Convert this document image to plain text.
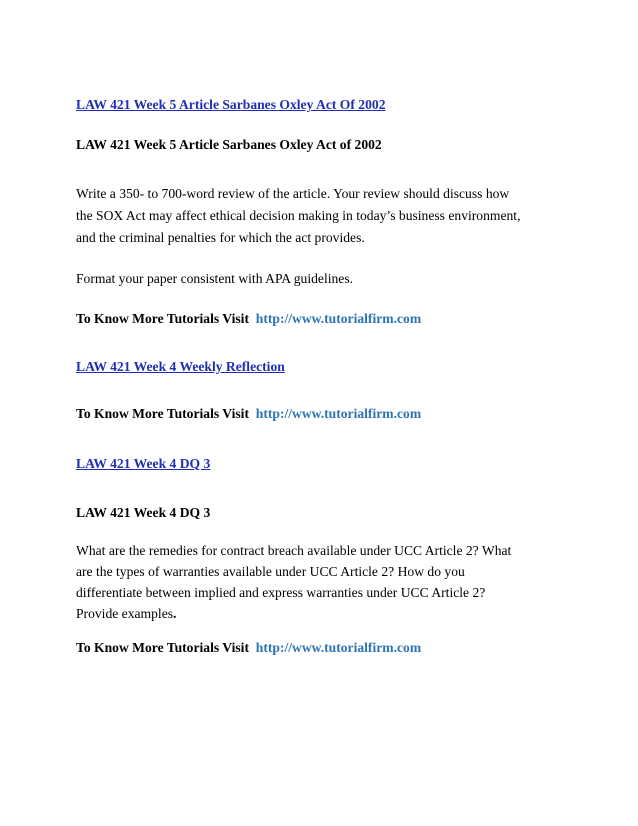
LAW 421 Week 5 Article Sarbanes Oxley Act Of 2002
LAW 421 Week 5 Article Sarbanes Oxley Act of 2002
Write a 350- to 700-word review of the article. Your review should discuss how
the SOX Act may affect ethical decision making in today’s business environment,
and the criminal penalties for which the act provides.
Format your paper consistent with APA guidelines.
To Know More Tutorials Visit http://www.tutorialfirm.com
LAW 421 Week 4 Weekly Reflection
To Know More Tutorials Visit http://www.tutorialfirm.com
LAW 421 Week 4 DQ 3
LAW 421 Week 4 DQ 3
What are the remedies for contract breach available under UCC Article 2? What
are the types of warranties available under UCC Article 2? How do you
differentiate between implied and express warranties under UCC Article 2?
Provide examples.
To Know More Tutorials Visit http://www.tutorialfirm.com
